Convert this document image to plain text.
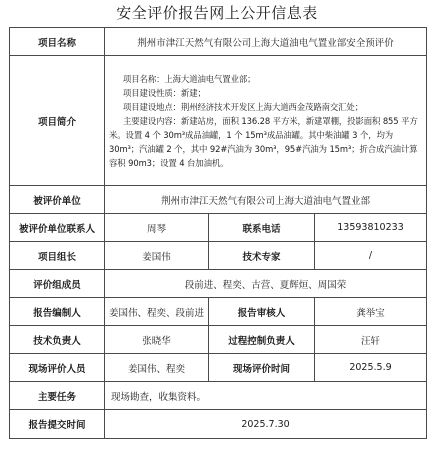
安全评价报告网上公开信息表
项目名称	荆州市津江天然气有限公司上海大道油电气置业部安全预评价		
项目简介	项目名称：上海大道油电气置业部；

项目建设性质：新建；

项目建设地点：荆州经济技术开发区上海大道西金茂路南交汇处；

主要建设内容：新建站房，面积 136.28 平方米，新建罩棚，投影面积 855 平方米。设置 4 个 30m³成品油罐，1 个 15m³成品油罐。其中柴油罐 3 个，均为 30m³；汽油罐 2 个，其中 92#汽油为 30m³，95#汽油为 15m³；折合成汽油计算容积 90m3；设置 4 台加油机。		

被评价单位	荆州市津江天然气有限公司上海大道油电气置业部		
被评价单位联系人	周琴	联系电话	13593810233
项目组长	姜国伟	技术专家	/
评价组成员	段前进、程奕、古营、夏辉烜、周国荣		
报告编制人	姜国伟、程奕、段前进	报告审核人	龚举宝
技术负责人	张晓华	过程控制负责人	汪轩
现场评价人员	姜国伟、程奕	现场评价时间	2025.5.9
主要任务	现场勘查，收集资料。		
报告提交时间	2025.7.30		
